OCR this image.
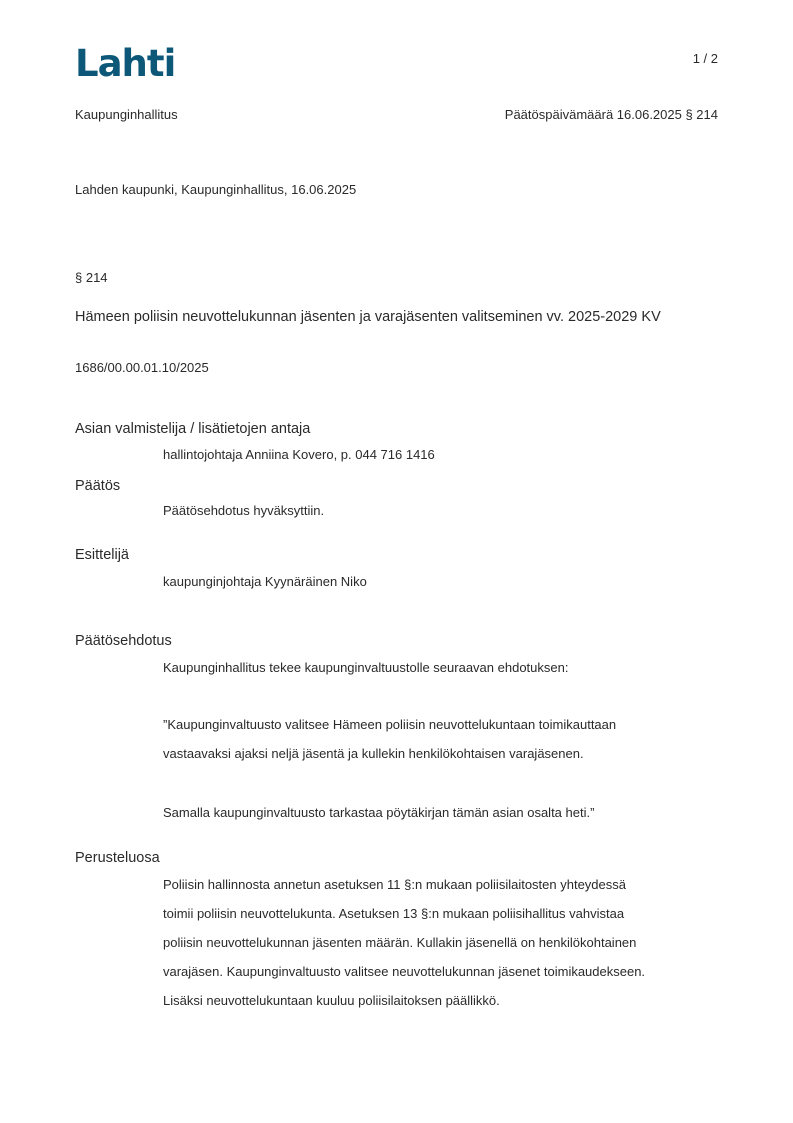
Lahti	1 / 2
Kaupunginhallitus	Päätöspäivämäärä 16.06.2025 § 214
Lahden kaupunki, Kaupunginhallitus, 16.06.2025
§ 214
Hämeen poliisin neuvottelukunnan jäsenten ja varajäsenten valitseminen vv. 2025-2029 KV
1686/00.00.01.10/2025
Asian valmistelija / lisätietojen antaja
hallintojohtaja Anniina Kovero, p. 044 716 1416
Päätös
Päätösehdotus hyväksyttiin.
Esittelijä
kaupunginjohtaja Kyynäräinen Niko
Päätösehdotus
Kaupunginhallitus tekee kaupunginvaltuustolle seuraavan ehdotuksen:
”Kaupunginvaltuusto valitsee Hämeen poliisin neuvottelukuntaan toimikauttaan
vastaavaksi ajaksi neljä jäsentä ja kullekin henkilökohtaisen varajäsenen.
Samalla kaupunginvaltuusto tarkastaa pöytäkirjan tämän asian osalta heti.”
Perusteluosa
Poliisin hallinnosta annetun asetuksen 11 §:n mukaan poliisilaitosten yhteydessä
toimii poliisin neuvottelukunta. Asetuksen 13 §:n mukaan poliisihallitus vahvistaa
poliisin neuvottelukunnan jäsenten määrän. Kullakin jäsenellä on henkilökohtainen
varajäsen. Kaupunginvaltuusto valitsee neuvottelukunnan jäsenet toimikaudekseen.
Lisäksi neuvottelukuntaan kuuluu poliisilaitoksen päällikkö.
